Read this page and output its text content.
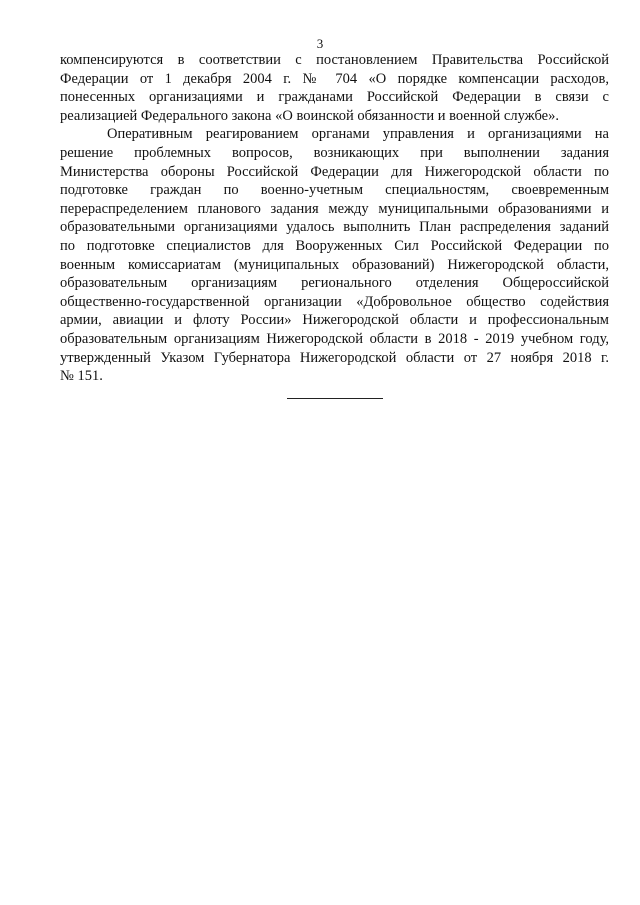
3
компенсируются в соответствии с постановлением Правительства Российской
Федерации от 1 декабря 2004 г. № 704 «О порядке компенсации расходов,
понесенных организациями и гражданами Российской Федерации в связи с
реализацией Федерального закона «О воинской обязанности и военной службе».
Оперативным реагированием органами управления и организациями на
решение проблемных вопросов, возникающих при выполнении задания
Министерства обороны Российской Федерации для Нижегородской области по
подготовке граждан по военно-учетным специальностям, своевременным
перераспределением планового задания между муниципальными образованиями и
образовательными организациями удалось выполнить План распределения заданий
по подготовке специалистов для Вооруженных Сил Российской Федерации по
военным комиссариатам (муниципальных образований) Нижегородской области,
образовательным организациям регионального отделения Общероссийской
общественно-государственной организации «Добровольное общество содействия
армии, авиации и флоту России» Нижегородской области и профессиональным
образовательным организациям Нижегородской области в 2018 - 2019 учебном году,
утвержденный Указом Губернатора Нижегородской области от 27 ноября 2018 г.
№ 151.
